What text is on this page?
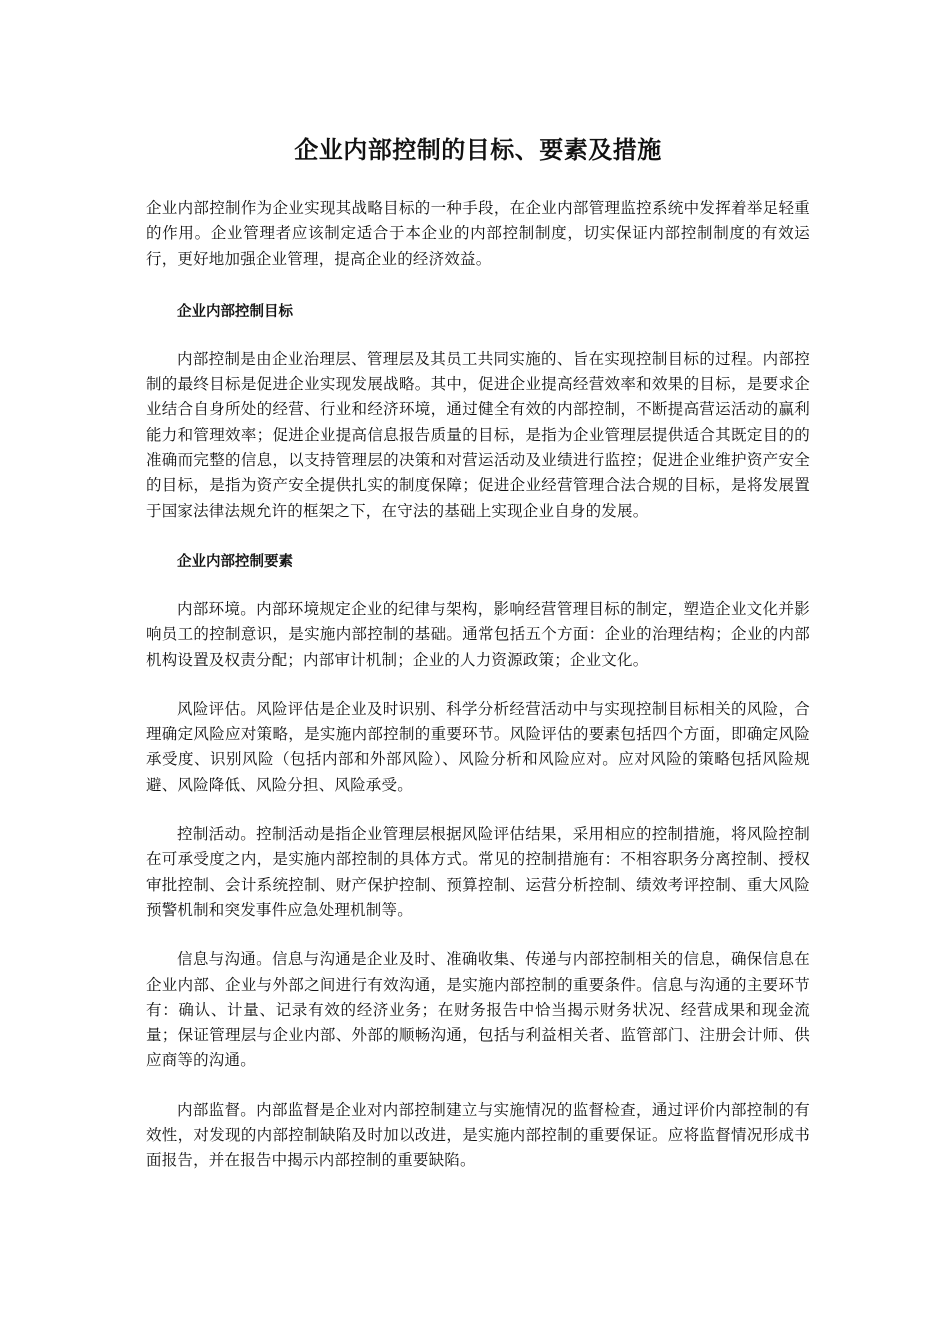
企业内部控制的目标、要素及措施

企业内部控制作为企业实现其战略目标的一种手段，在企业内部管理监控系统中发挥着举足轻重的作用。企业管理者应该制定适合于本企业的内部控制制度，切实保证内部控制制度的有效运行，更好地加强企业管理，提高企业的经济效益。

企业内部控制目标

内部控制是由企业治理层、管理层及其员工共同实施的、旨在实现控制目标的过程。内部控制的最终目标是促进企业实现发展战略。其中，促进企业提高经营效率和效果的目标，是要求企业结合自身所处的经营、行业和经济环境，通过健全有效的内部控制，不断提高营运活动的赢利能力和管理效率；促进企业提高信息报告质量的目标，是指为企业管理层提供适合其既定目的的准确而完整的信息，以支持管理层的决策和对营运活动及业绩进行监控；促进企业维护资产安全的目标，是指为资产安全提供扎实的制度保障；促进企业经营管理合法合规的目标，是将发展置于国家法律法规允许的框架之下，在守法的基础上实现企业自身的发展。

企业内部控制要素

内部环境。内部环境规定企业的纪律与架构，影响经营管理目标的制定，塑造企业文化并影响员工的控制意识，是实施内部控制的基础。通常包括五个方面：企业的治理结构；企业的内部机构设置及权责分配；内部审计机制；企业的人力资源政策；企业文化。

风险评估。风险评估是企业及时识别、科学分析经营活动中与实现控制目标相关的风险，合理确定风险应对策略，是实施内部控制的重要环节。风险评估的要素包括四个方面，即确定风险承受度、识别风险（包括内部和外部风险）、风险分析和风险应对。应对风险的策略包括风险规避、风险降低、风险分担、风险承受。

控制活动。控制活动是指企业管理层根据风险评估结果，采用相应的控制措施，将风险控制在可承受度之内，是实施内部控制的具体方式。常见的控制措施有：不相容职务分离控制、授权审批控制、会计系统控制、财产保护控制、预算控制、运营分析控制、绩效考评控制、重大风险预警机制和突发事件应急处理机制等。

信息与沟通。信息与沟通是企业及时、准确收集、传递与内部控制相关的信息，确保信息在企业内部、企业与外部之间进行有效沟通，是实施内部控制的重要条件。信息与沟通的主要环节有：确认、计量、记录有效的经济业务；在财务报告中恰当揭示财务状况、经营成果和现金流量；保证管理层与企业内部、外部的顺畅沟通，包括与利益相关者、监管部门、注册会计师、供应商等的沟通。

内部监督。内部监督是企业对内部控制建立与实施情况的监督检查，通过评价内部控制的有效性，对发现的内部控制缺陷及时加以改进，是实施内部控制的重要保证。应将监督情况形成书面报告，并在报告中揭示内部控制的重要缺陷。
